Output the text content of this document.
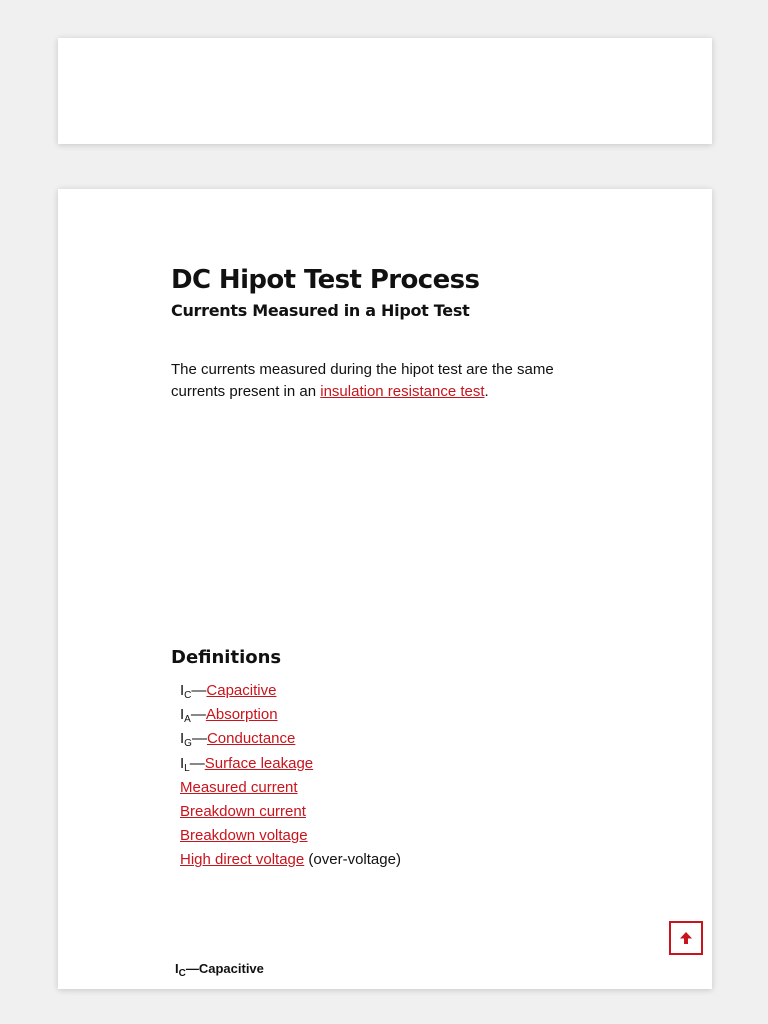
DC Hipot Test Process
Currents Measured in a Hipot Test

The currents measured during the hipot test are the same currents present in an insulation resistance test.

Definitions
$I_C—Capacitive$
$I_A—Absorption$
$I_G—Conductance$
$I_L—Surface$ leakage
Measured current
Breakdown current
Breakdown voltage
High direct voltage (over-voltage)
$I_C—Capacitive$
